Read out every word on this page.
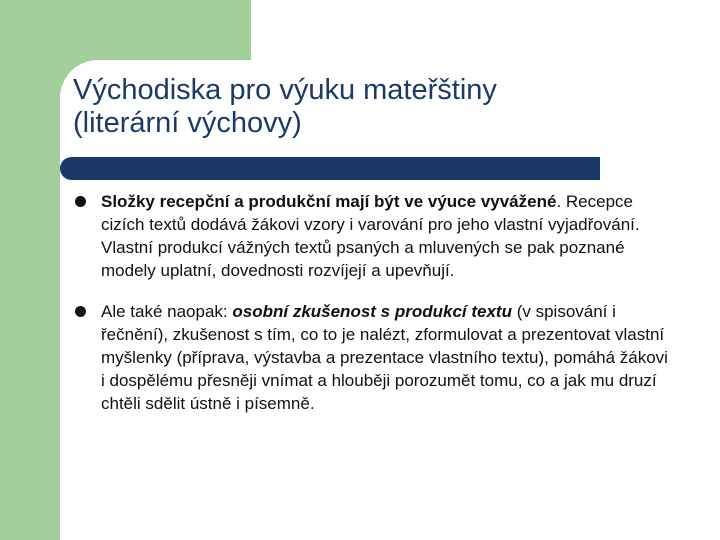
Východiska pro výuku mateřštiny
(literární výchovy)
Složky recepční a produkční mají být ve výuce vyvážené. Recepce cizích textů dodává žákovi vzory i varování pro jeho vlastní vyjadřování. Vlastní produkcí vážných textů psaných a mluvených se pak poznané modely uplatní, dovednosti rozvíjejí a upevňují.
Ale také naopak: osobní zkušenost s produkcí textu (v spisování i řečnění), zkušenost s tím, co to je nalézt, zformulovat a prezentovat vlastní myšlenky (příprava, výstavba a prezentace vlastního textu), pomáhá žákovi i dospělému přesněji vnímat a hlouběji porozumět tomu, co a jak mu druzí chtěli sdělit ústně i písemně.
